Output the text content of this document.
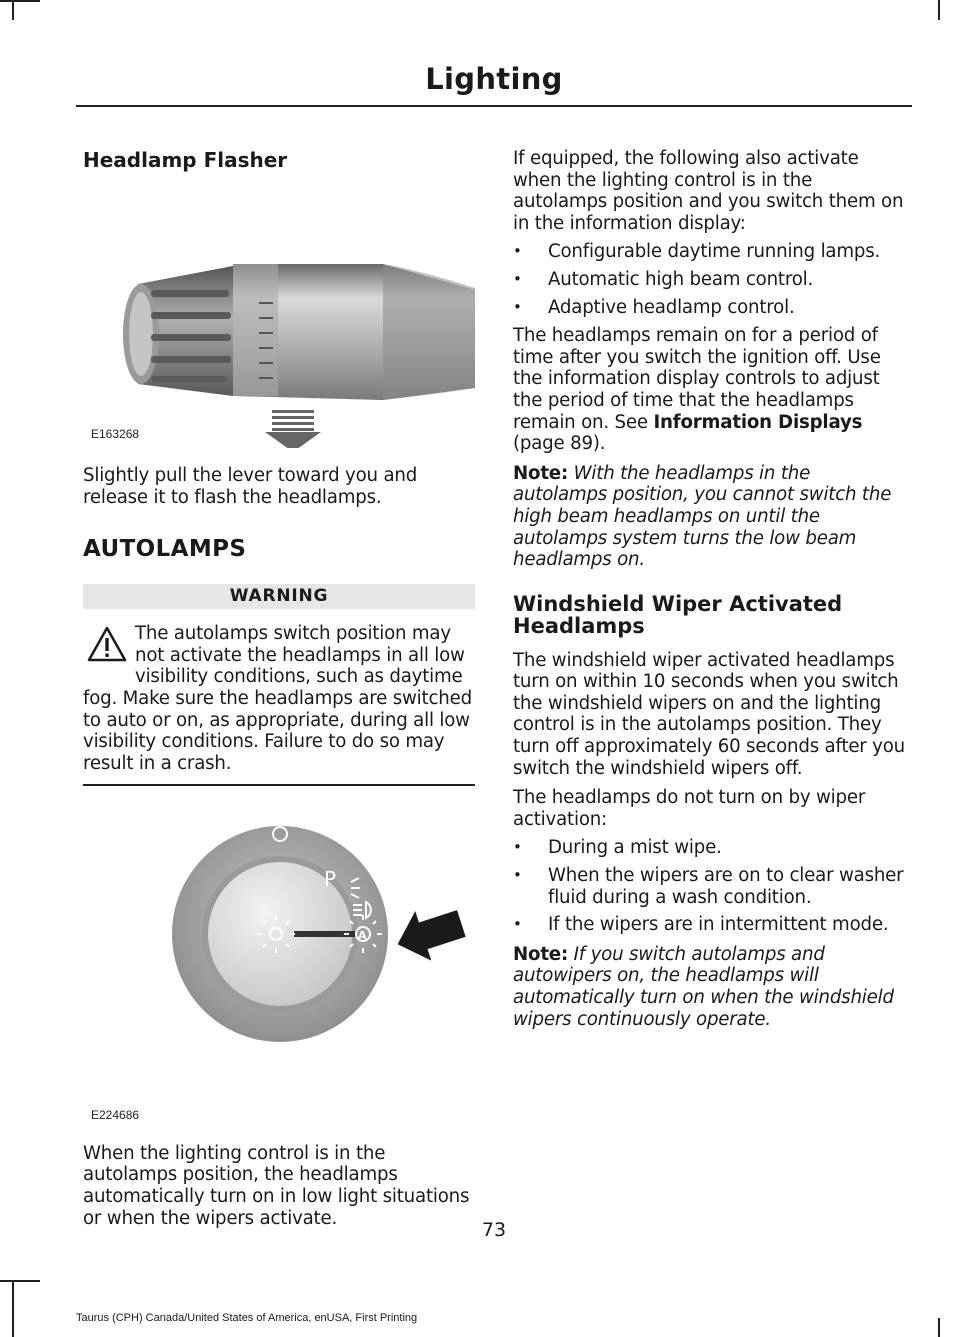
Lighting
Headlamp Flasher
E163268

Slightly pull the lever toward you and release it to flash the headlamps.

AUTOLAMPS
WARNING

The autolamps switch position may

not activate the headlamps in all low

visibility conditions, such as daytime

fog. Make sure the headlamps are switched to auto or on, as appropriate, during all low visibility conditions. Failure to do so may result in a crash.

P
A
E224686

When the lighting control is in the autolamps position, the headlamps automatically turn on in low light situations or when the wipers activate.

If equipped, the following also activate when the lighting control is in the autolamps position and you switch them on in the information display:

• Configurable daytime running lamps.
• Automatic high beam control.
• Adaptive headlamp control.

The headlamps remain on for a period of time after you switch the ignition off. Use the information display controls to adjust the period of time that the headlamps remain on. See Information Displays (page 89).

Note: With the headlamps in the autolamps position, you cannot switch the high beam headlamps on until the autolamps system turns the low beam headlamps on.

Windshield Wiper Activated
Headlamps

The windshield wiper activated headlamps turn on within 10 seconds when you switch the windshield wipers on and the lighting control is in the autolamps position. They turn off approximately 60 seconds after you switch the windshield wipers off.

The headlamps do not turn on by wiper activation:

• During a mist wipe.
• When the wipers are on to clear washer fluid during a wash condition.
• If the wipers are in intermittent mode.

Note: If you switch autolamps and autowipers on, the headlamps will automatically turn on when the windshield wipers continuously operate.

73
Taurus (CPH) Canada/United States of America, enUSA, First Printing
